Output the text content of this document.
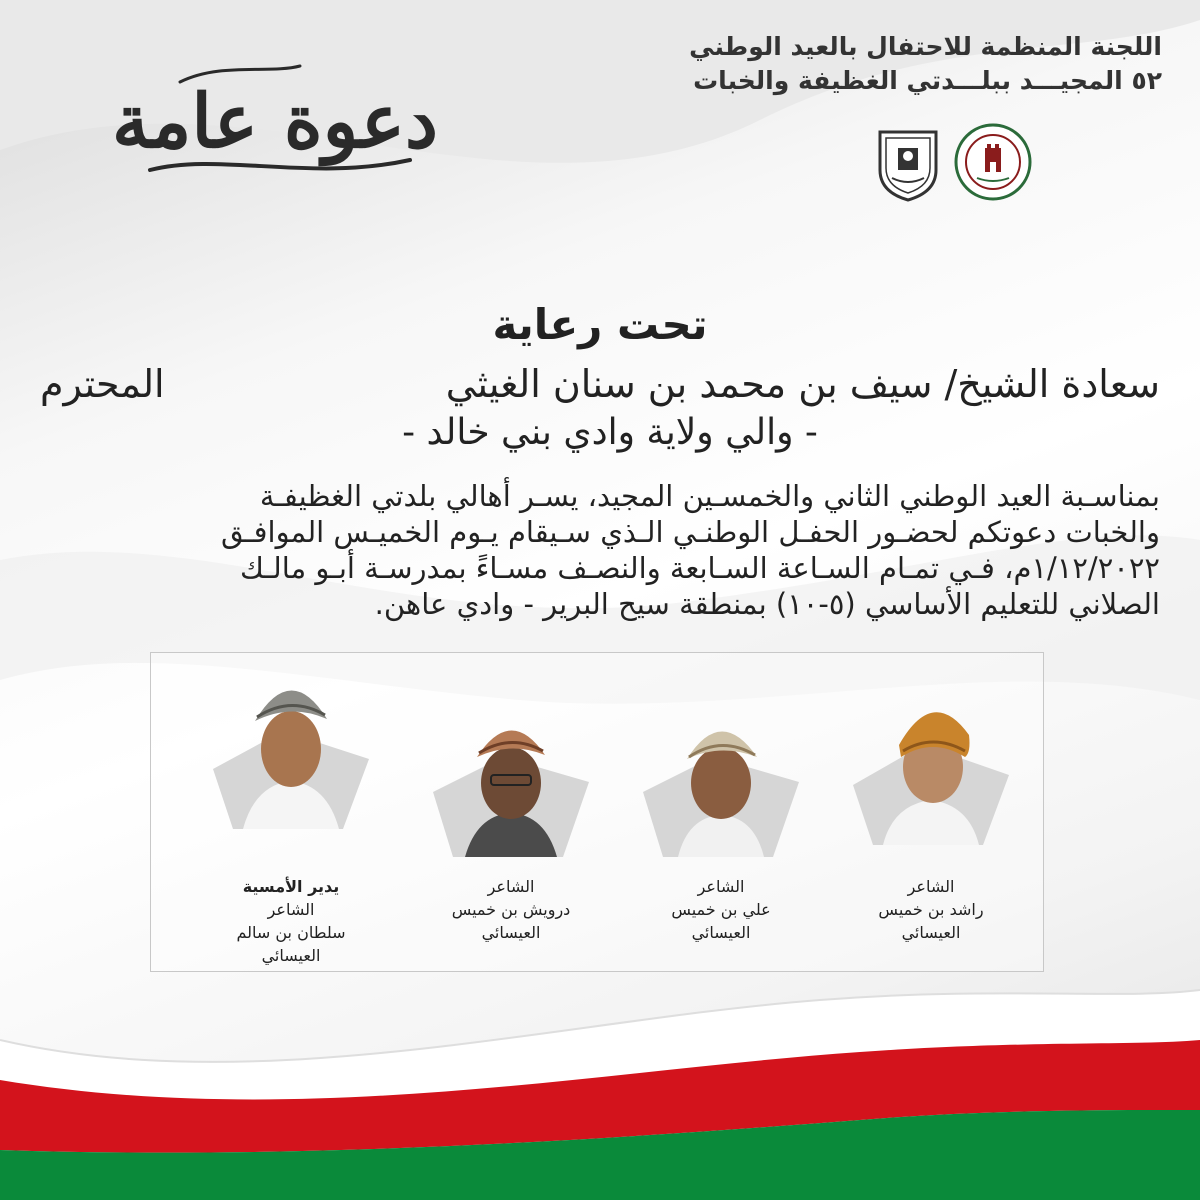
اللجنة المنظمة للاحتفال بالعيد الوطني
٥٢ المجيـــد ببلـــدتي الغظيفة والخبات
دعوة عامة
تحت رعاية
سعادة الشيخ/ سيف بن محمد بن سنان الغيثي
المحترم
- والي ولاية وادي بني خالد -
بمناسـبة العيد الوطني الثاني والخمسـين المجيد، يسـر أهالي بلدتي الغظيفـة
والخبات دعوتكم لحضـور الحفـل الوطنـي الـذي سـيقام يـوم الخميـس الموافـق
١/١٢/٢٠٢٢م، فـي تمـام السـاعة السـابعة والنصـف مسـاءً بمدرسـة أبـو مالـك
الصلاني للتعليم الأساسي (٥-١٠) بمنطقة سيح البرير - وادي عاهن.
الشاعر
راشد بن خميس
العيسائي
الشاعر
علي بن خميس
العيسائي
الشاعر
درويش بن خميس
العيسائي
يدير الأمسية
الشاعر
سلطان بن سالم
العيسائي
